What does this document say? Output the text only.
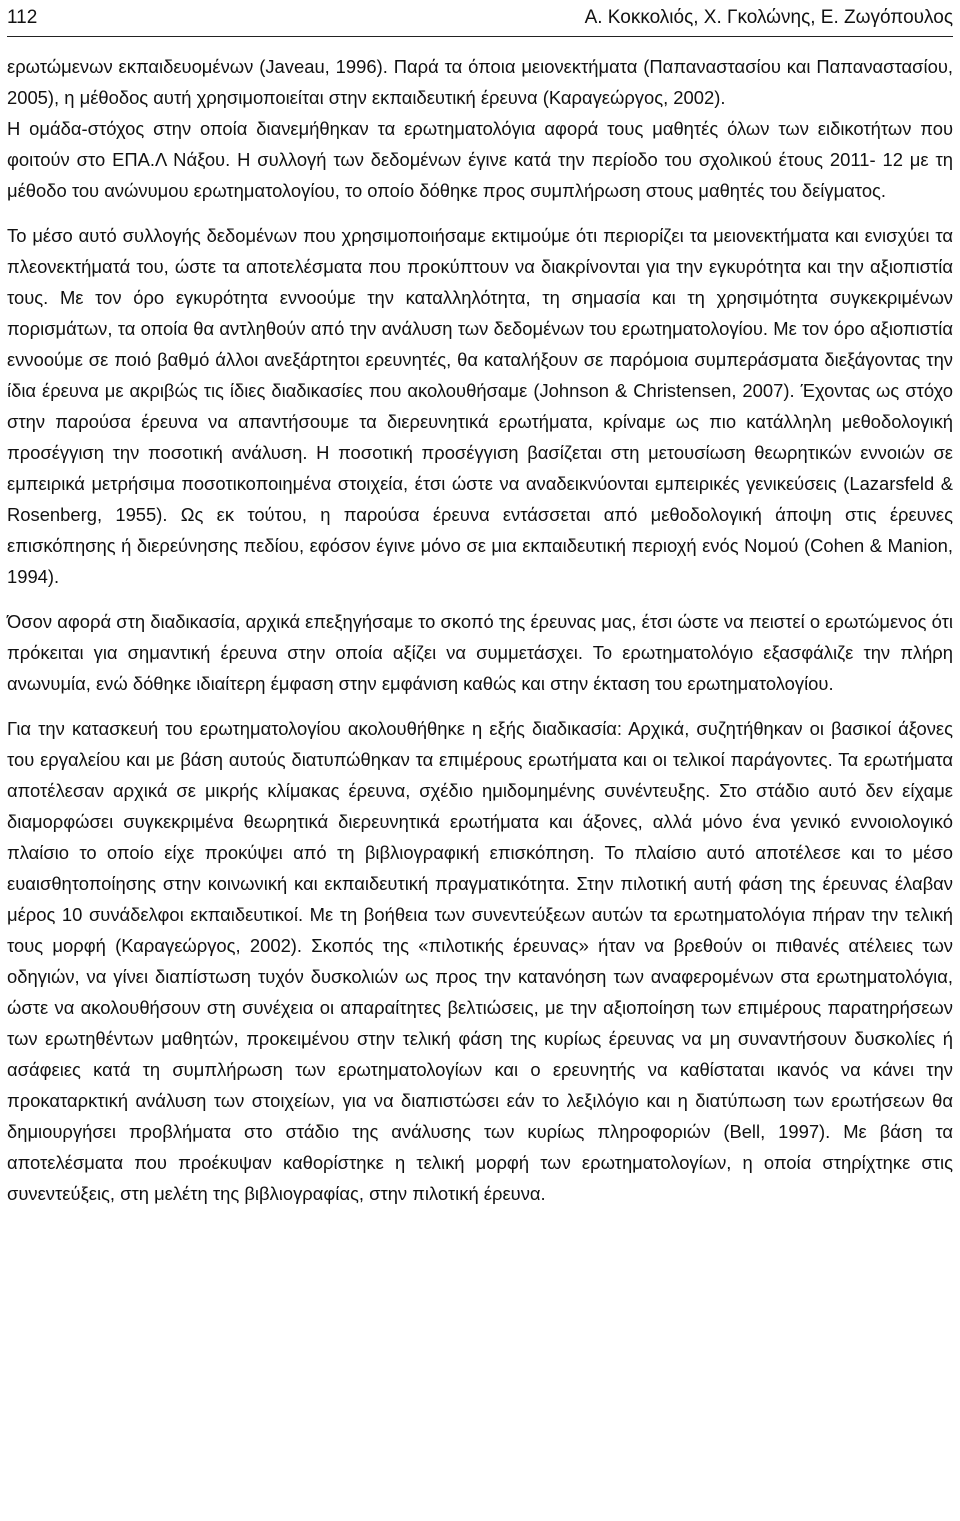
112	Α. Κοκκολιός, Χ. Γκολώνης, Ε. Ζωγόπουλος

ερωτώμενων εκπαιδευομένων (Javeau, 1996). Παρά τα όποια μειονεκτήματα (Παπαναστασίου και Παπαναστασίου, 2005), η μέθοδος αυτή χρησιμοποιείται στην εκπαιδευτική έρευνα (Καραγεώργος, 2002).

Η ομάδα-στόχος στην οποία διανεμήθηκαν τα ερωτηματολόγια αφορά τους μαθητές όλων των ειδικοτήτων που φοιτούν στο ΕΠΑ.Λ Νάξου. Η συλλογή των δεδομένων έγινε κατά την περίοδο του σχολικού έτους 2011- 12 με τη μέθοδο του ανώνυμου ερωτηματολογίου, το οποίο δόθηκε προς συμπλήρωση στους μαθητές του δείγματος.

Το μέσο αυτό συλλογής δεδομένων που χρησιμοποιήσαμε εκτιμούμε ότι περιορίζει τα μειονεκτήματα και ενισχύει τα πλεονεκτήματά του, ώστε τα αποτελέσματα που προκύπτουν να διακρίνονται για την εγκυρότητα και την αξιοπιστία τους. Με τον όρο εγκυρότητα εννοούμε την καταλληλότητα, τη σημασία και τη χρησιμότητα συγκεκριμένων πορισμάτων, τα οποία θα αντληθούν από την ανάλυση των δεδομένων του ερωτηματολογίου. Με τον όρο αξιοπιστία εννοούμε σε ποιό βαθμό άλλοι ανεξάρτητοι ερευνητές, θα καταλήξουν σε παρόμοια συμπεράσματα διεξάγοντας την ίδια έρευνα με ακριβώς τις ίδιες διαδικασίες που ακολουθήσαμε (Johnson & Christensen, 2007). Έχοντας ως στόχο στην παρούσα έρευνα να απαντήσουμε τα διερευνητικά ερωτήματα, κρίναμε ως πιο κατάλληλη μεθοδολογική προσέγγιση την ποσοτική ανάλυση. Η ποσοτική προσέγγιση βασίζεται στη μετουσίωση θεωρητικών εννοιών σε εμπειρικά μετρήσιμα ποσοτικοποιημένα στοιχεία, έτσι ώστε να αναδεικνύονται εμπειρικές γενικεύσεις (Lazarsfeld & Rosenberg, 1955). Ως εκ τούτου, η παρούσα έρευνα εντάσσεται από μεθοδολογική άποψη στις έρευνες επισκόπησης ή διερεύνησης πεδίου, εφόσον έγινε μόνο σε μια εκπαιδευτική περιοχή ενός Νομού (Cohen & Manion, 1994).

Όσον αφορά στη διαδικασία, αρχικά επεξηγήσαμε το σκοπό της έρευνας μας, έτσι ώστε να πειστεί ο ερωτώμενος ότι πρόκειται για σημαντική έρευνα στην οποία αξίζει να συμμετάσχει. Το ερωτηματολόγιο εξασφάλιζε την πλήρη ανωνυμία, ενώ δόθηκε ιδιαίτερη έμφαση στην εμφάνιση καθώς και στην έκταση του ερωτηματολογίου.

Για την κατασκευή του ερωτηματολογίου ακολουθήθηκε η εξής διαδικασία: Αρχικά, συζητήθηκαν οι βασικοί άξονες του εργαλείου και με βάση αυτούς διατυπώθηκαν τα επιμέρους ερωτήματα και οι τελικοί παράγοντες. Τα ερωτήματα αποτέλεσαν αρχικά σε μικρής κλίμακας έρευνα, σχέδιο ημιδομημένης συνέντευξης. Στο στάδιο αυτό δεν είχαμε διαμορφώσει συγκεκριμένα θεωρητικά διερευνητικά ερωτήματα και άξονες, αλλά μόνο ένα γενικό εννοιολογικό πλαίσιο το οποίο είχε προκύψει από τη βιβλιογραφική επισκόπηση. Το πλαίσιο αυτό αποτέλεσε και το μέσο ευαισθητοποίησης στην κοινωνική και εκπαιδευτική πραγματικότητα. Στην πιλοτική αυτή φάση της έρευνας έλαβαν μέρος 10 συνάδελφοι εκπαιδευτικοί. Με τη βοήθεια των συνεντεύξεων αυτών τα ερωτηματολόγια πήραν την τελική τους μορφή (Καραγεώργος, 2002). Σκοπός της «πιλοτικής έρευνας» ήταν να βρεθούν οι πιθανές ατέλειες των οδηγιών, να γίνει διαπίστωση τυχόν δυσκολιών ως προς την κατανόηση των αναφερομένων στα ερωτηματολόγια, ώστε να ακολουθήσουν στη συνέχεια οι απαραίτητες βελτιώσεις, με την αξιοποίηση των επιμέρους παρατηρήσεων των ερωτηθέντων μαθητών, προκειμένου στην τελική φάση της κυρίως έρευνας να μη συναντήσουν δυσκολίες ή ασάφειες κατά τη συμπλήρωση των ερωτηματολογίων και ο ερευνητής να καθίσταται ικανός να κάνει την προκαταρκτική ανάλυση των στοιχείων, για να διαπιστώσει εάν το λεξιλόγιο και η διατύπωση των ερωτήσεων θα δημιουργήσει προβλήματα στο στάδιο της ανάλυσης των κυρίως πληροφοριών (Bell, 1997). Με βάση τα αποτελέσματα που προέκυψαν καθορίστηκε η τελική μορφή των ερωτηματολογίων, η οποία στηρίχτηκε στις συνεντεύξεις, στη μελέτη της βιβλιογραφίας, στην πιλοτική έρευνα.
